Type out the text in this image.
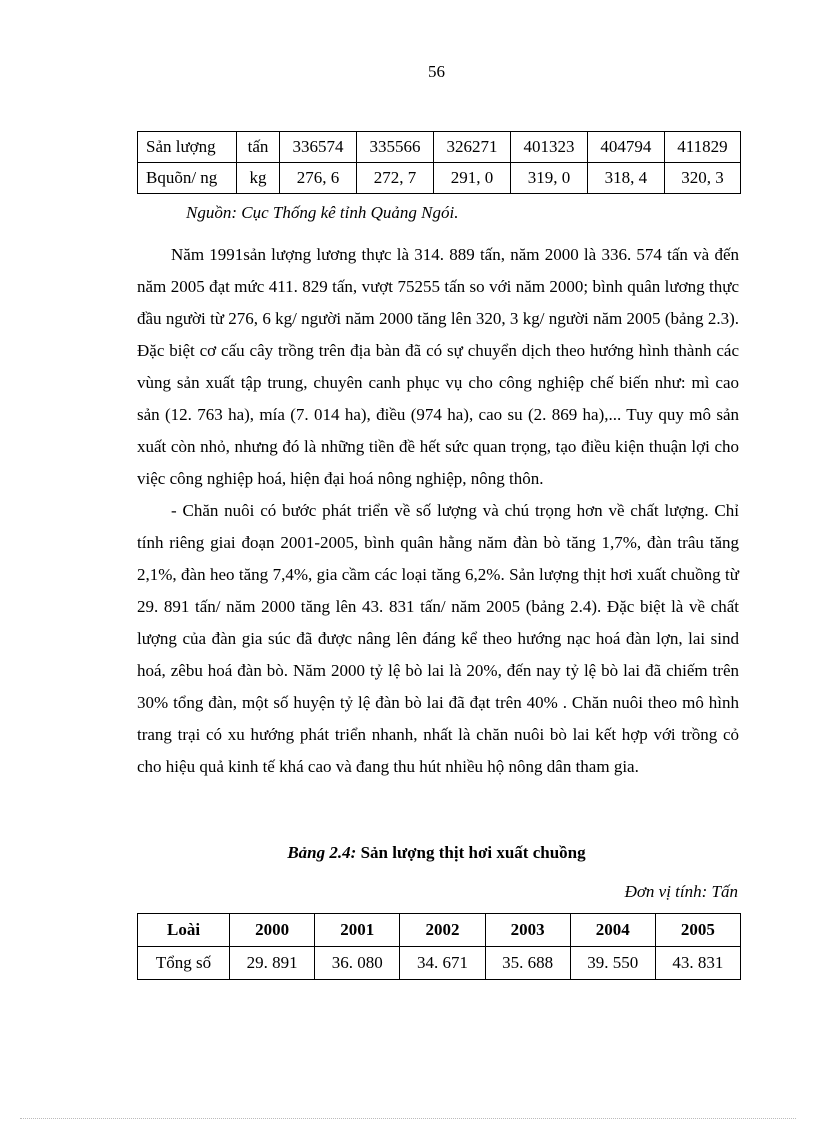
56
Sản lượng	tấn	336574	335566	326271	401323	404794	411829
Bquõn/ ng	kg	276, 6	272, 7	291, 0	319, 0	318, 4	320, 3
Nguồn: Cục Thống kê tỉnh Quảng Ngói.

Năm 1991sản lượng lương thực là 314. 889 tấn, năm 2000 là 336. 574 tấn và đến năm 2005 đạt mức 411. 829 tấn, vượt 75255 tấn so với năm 2000; bình quân lương thực đầu người từ 276, 6 kg/ người năm 2000 tăng lên 320, 3 kg/ người năm 2005 (bảng 2.3). Đặc biệt cơ cấu cây trồng trên địa bàn đã có sự chuyển dịch theo hướng hình thành các vùng sản xuất tập trung, chuyên canh phục vụ cho công nghiệp chế biến như: mì cao sản (12. 763 ha), mía (7. 014 ha), điều (974 ha), cao su (2. 869 ha),... Tuy quy mô sản xuất còn nhỏ, nhưng đó là những tiền đề hết sức quan trọng, tạo điều kiện thuận lợi cho việc công nghiệp hoá, hiện đại hoá nông nghiệp, nông thôn.

- Chăn nuôi có bước phát triển về số lượng và chú trọng hơn về chất lượng. Chỉ tính riêng giai đoạn 2001-2005, bình quân hằng năm đàn bò tăng 1,7%, đàn trâu tăng 2,1%, đàn heo tăng 7,4%, gia cầm các loại tăng 6,2%. Sản lượng thịt hơi xuất chuồng từ 29. 891 tấn/ năm 2000 tăng lên 43. 831 tấn/ năm 2005 (bảng 2.4). Đặc biệt là về chất lượng của đàn gia súc đã được nâng lên đáng kể theo hướng nạc hoá đàn lợn, lai sind hoá, zêbu hoá đàn bò. Năm 2000 tỷ lệ bò lai là 20%, đến nay tỷ lệ bò lai đã chiếm trên 30% tổng đàn, một số huyện tỷ lệ đàn bò lai đã đạt trên 40% . Chăn nuôi theo mô hình trang trại có xu hướng phát triển nhanh, nhất là chăn nuôi bò lai kết hợp với trồng cỏ cho hiệu quả kinh tế khá cao và đang thu hút nhiều hộ nông dân tham gia.

Bảng 2.4: Sản lượng thịt hơi xuất chuồng
Đơn vị tính: Tấn
Loài	2000	2001	2002	2003	2004	2005
Tổng số	29. 891	36. 080	34. 671	35. 688	39. 550	43. 831
